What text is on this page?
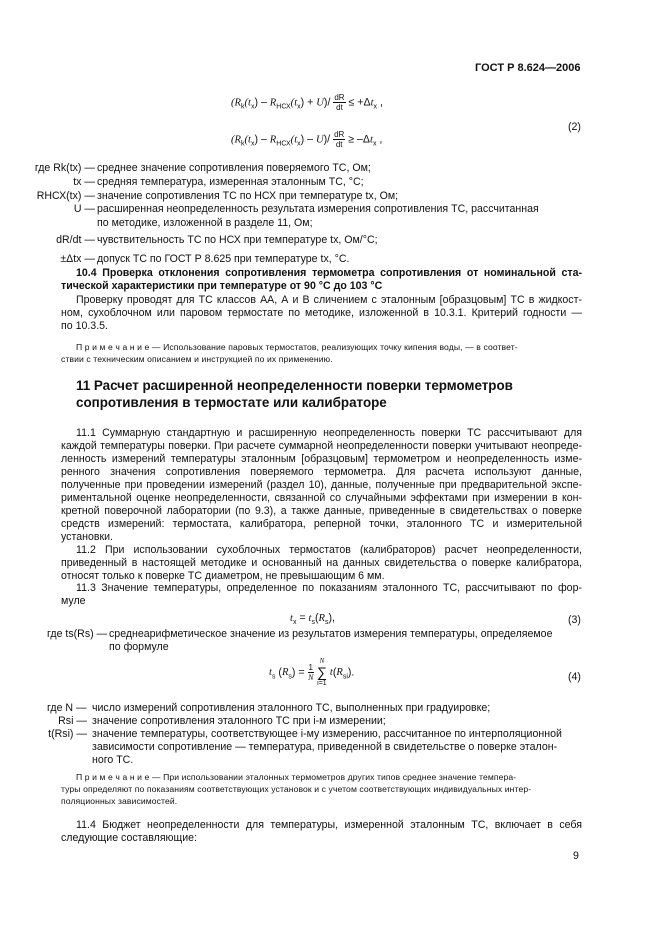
ГОСТ Р 8.624—2006
$(R_k(t_x) - R_{НСХ}(t_x) + U)/ \frac{dR}{dt} \le +\Delta t_x$ ,
(2)
$(R_k(t_x) - R_{НСХ}(t_x) - U)/ \frac{dR}{dt} \ge -\Delta t_x$ ,
где Rk(tx) — среднее значение сопротивления поверяемого ТС, Ом;
tx — средняя температура, измеренная эталонным ТС, °С;
RНСХ(tx) — значение сопротивления ТС по НСХ при температуре tx, Ом;
U — расширенная неопределенность результата измерения сопротивления ТС, рассчитанная
по методике, изложенной в разделе 11, Ом;
dR/dt — чувствительность ТС по НСХ при температуре tx, Ом/°С;
±Δtx — допуск ТС по ГОСТ Р 8.625 при температуре tx, °С.
10.4 Проверка отклонения сопротивления термометра сопротивления от номинальной ста-
тической характеристики при температуре от 90 °С до 103 °С
Проверку проводят для ТС классов АА, А и В сличением с эталонным [образцовым] ТС в жидкост-
ном, сухоблочном или паровом термостате по методике, изложенной в 10.3.1. Критерий годности —
по 10.3.5.
П р и м е ч а н и е — Использование паровых термостатов, реализующих точку кипения воды, — в соответ-
ствии с техническим описанием и инструкцией по их применению.
11 Расчет расширенной неопределенности поверки термометров
сопротивления в термостате или калибраторе
11.1 Суммарную стандартную и расширенную неопределенность поверки ТС рассчитывают для
каждой температуры поверки. При расчете суммарной неопределенности поверки учитывают неопреде-
ленность измерений температуры эталонным [образцовым] термометром и неопределенность изме-
ренного значения сопротивления поверяемого термометра. Для расчета используют данные,
полученные при проведении измерений (раздел 10), данные, полученные при предварительной экспе-
риментальной оценке неопределенности, связанной со случайными эффектами при измерении в кон-
кретной поверочной лаборатории (по 9.3), а также данные, приведенные в свидетельствах о поверке
средств измерений: термостата, калибратора, реперной точки, эталонного ТС и измерительной
установки.
11.2 При использовании сухоблочных термостатов (калибраторов) расчет неопределенности,
приведенный в настоящей методике и основанный на данных свидетельства о поверке калибратора,
относят только к поверке ТС диаметром, не превышающим 6 мм.
11.3 Значение температуры, определенное по показаниям эталонного ТС, рассчитывают по фор-
муле
$t_x = t_s(R_s)$,	(3)
где ts(Rs) — среднеарифметическое значение из результатов измерения температуры, определяемое
по формуле
$t_s$ $(R_s) = \frac{1}{N}$

N
∑
i=1
$t(R_{si})$.	(4)
где N — число измерений сопротивления эталонного ТС, выполненных при градуировке;
Rsi — значение сопротивления эталонного ТС при i-м измерении;
t(Rsi) — значение температуры, соответствующее i-му измерению, рассчитанное по интерполяционной
зависимости сопротивление — температура, приведенной в свидетельстве о поверке эталон-
ного ТС.
П р и м е ч а н и е — При использовании эталонных термометров других типов среднее значение темпера-
туры определяют по показаниям соответствующих установок и с учетом соответствующих индивидуальных интер-
поляционных зависимостей.
11.4 Бюджет неопределенности для температуры, измеренной эталонным ТС, включает в себя
следующие составляющие:
9
